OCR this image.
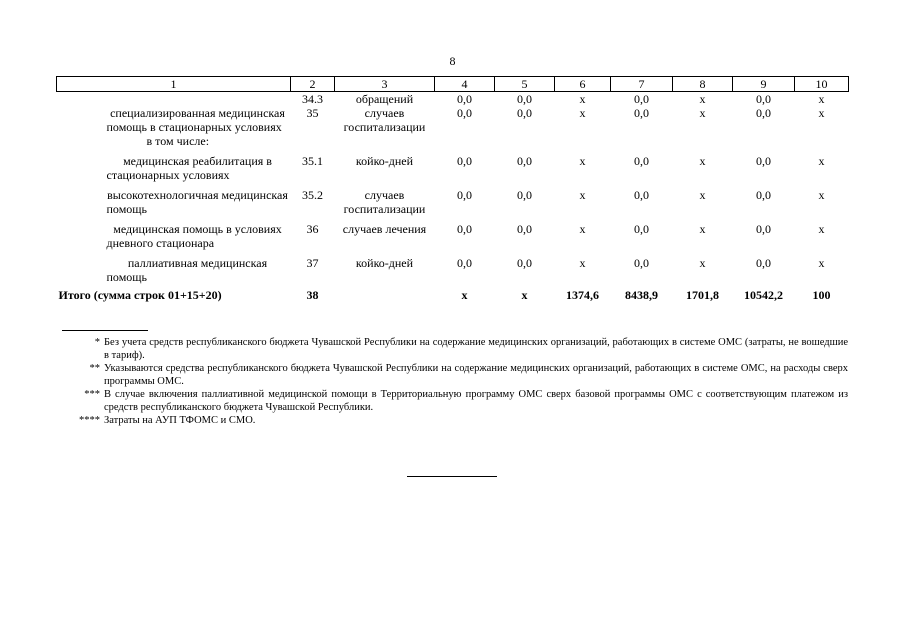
8
1	2	3	4	5	6	7	8	9	10
	34.3	обращений	0,0	0,0	х	0,0	х	0,0	х
специализированная медицинская помощь в стационарных условиях
в том числе:	35	случаев госпитализации	0,0	0,0	х	0,0	х	0,0	х
медицинская реабилитация в стационарных условиях	35.1	койко-дней	0,0	0,0	х	0,0	х	0,0	х
высокотехнологичная медицинская помощь	35.2	случаев госпитализации	0,0	0,0	х	0,0	х	0,0	х
медицинская помощь в условиях дневного стационара	36	случаев лечения	0,0	0,0	х	0,0	х	0,0	х
паллиативная медицинская помощь	37	койко-дней	0,0	0,0	х	0,0	х	0,0	х
Итого (сумма строк 01+15+20)	38		х	х	1374,6	8438,9	1701,8	10542,2	100
* Без учета средств республиканского бюджета Чувашской Республики на содержание медицинских организаций, работающих в системе ОМС (затраты, не вошедшие в тариф).
** Указываются средства республиканского бюджета Чувашской Республики на содержание медицинских организаций, работающих в системе ОМС, на расходы сверх программы ОМС.
*** В случае включения паллиативной медицинской помощи в Территориальную программу ОМС сверх базовой программы ОМС с соответствующим платежом из средств республиканского бюджета Чувашской Республики.
**** Затраты на АУП ТФОМС и СМО.
